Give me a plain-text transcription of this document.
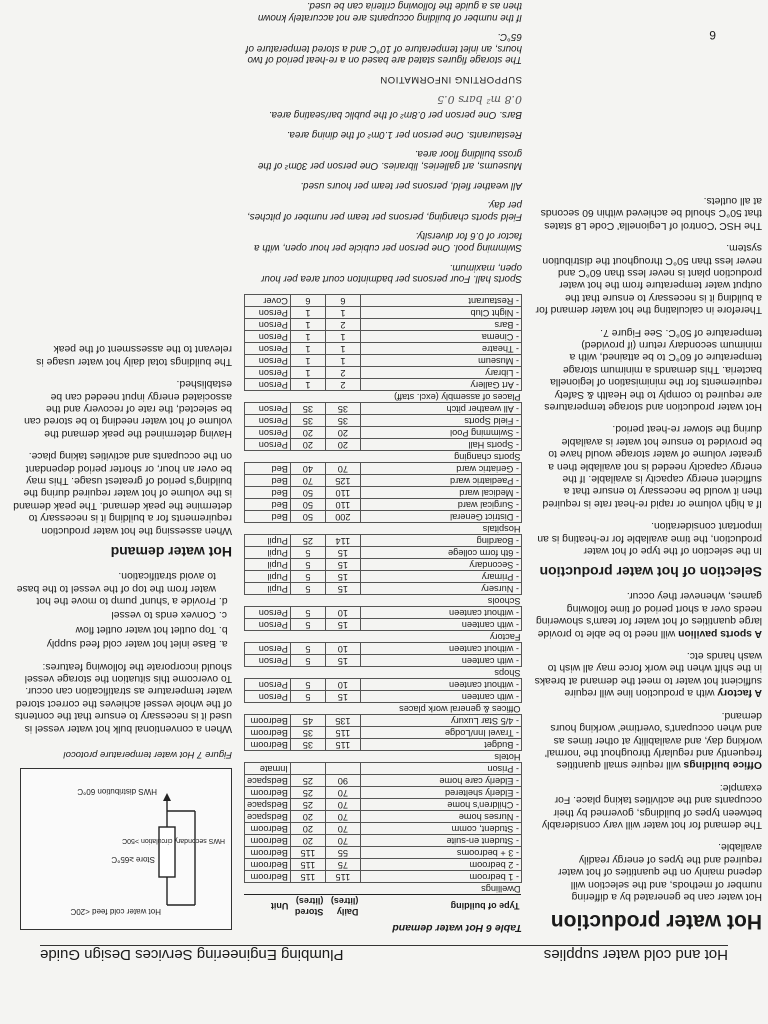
Hot and cold water supplies
Plumbing Engineering Services Design Guide
Hot water production

Hot water can be generated by a differing number of methods, and the selection will depend mainly on the quantities of hot water required and the types of energy readily available.

The demand for hot water will vary considerably between types of buildings, governed by their occupants and the activities taking place. For example:

Office buildings will require small quantities frequently and regularly throughout the 'normal' working day, and availability at other times as and when occupant's 'overtime' working hours demand.

A factory with a production line will require sufficient hot water to meet the demand at breaks in the shift when the work force may all wish to wash hands etc.

A sports pavilion will need to be able to provide large quantities of hot water for team's showering needs over a short period of time following games, whenever they occur.

Selection of hot water production

In the selection of the type of hot water production, the time available for re-heating is an important consideration.

If a high volume or rapid re-heat rate is required then it would be necessary to ensure that a sufficient energy capacity is available. If the energy capacity needed is not available then a greater volume of water storage would have to be provided to ensure hot water is available during the slower re-heat period.

Hot water production and storage temperatures are required to comply to the Health & Safety requirements for the minimisation of legionella bacteria. This demands a minimum storage temperature of 60°C to be attained, with a minimum secondary return (if provided) temperature of 50°C. See Figure 7.

Therefore in calculating the hot water demand for a building it is necessary to ensure that the output water temperature from the hot water production plant is never less than 60°C and never less than 50°C throughout the distribution system.

The HSC 'Control of Legionella' Code L8 states that 50°C should be achieved within 60 seconds at all outlets.

Table 6 Hot water demand
Type of building	Daily (litres)	Stored (litres)	Unit
Dwellings			
- 1 bedroom	115	115	Bedroom
- 2 bedroom	75	115	Bedroom
- 3 + bedrooms	55	115	Bedroom
- Student en-suite	70	20	Bedroom
- Student, comm	70	20	Bedroom
- Nurses home	70	20	Bedspace
- Children's home	70	25	Bedspace
- Elderly sheltered	70	25	Bedroom
- Elderly care home	90	25	Bedspace
- Prison			Inmate
Hotels			
- Budget	115	35	Bedroom
- Travel Inn/Lodge	115	35	Bedroom
- 4/5 Star Luxury	135	45	Bedroom
Offices & general work places			
- with canteen	15	5	Person
- without canteen	10	5	Person
Shops			
- with canteen	15	5	Person
- without canteen	10	5	Person
Factory			
- with canteen	15	5	Person
- without canteen	10	5	Person
Schools			
- Nursery	15	5	Pupil
- Primary	15	5	Pupil
- Secondary	15	5	Pupil
- 6th form college	15	5	Pupil
- Boarding	114	25	Pupil
Hospitals			
- District General	200	50	Bed
- Surgical ward	110	50	Bed
- Medical ward	110	50	Bed
- Paediatric ward	125	70	Bed
- Geriatric ward	70	40	Bed
Sports changing			
- Sports Hall	20	20	Person
- Swimming Pool	20	20	Person
- Field Sports	35	35	Person
- All weather pitch	35	35	Person
Places of assembly (excl. staff)			
- Art Gallery	2	1	Person
- Library	2	1	Person
- Museum	1	1	Person
- Theatre	1	1	Person
- Cinema	1	1	Person
- Bars	2	1	Person
- Night Club	1	1	Person
- Restaurant	6	6	Cover

Sports hall. Four persons per badminton court area per hour open, maximum.

Swimming pool. One person per cubicle per hour open, with a factor of 0.6 for diversity.

Field sports changing, persons per team per number of pitches, per day.

All weather field, persons per team per hours used.

Museums, art galleries, libraries. One person per 30m² of the gross building floor area.

Restaurants. One person per 1.0m² of the dining area.

Bars. One person per 0.8m² of the public bar/seating area.

0.8 m² bars 0.5

SUPPORTING INFORMATION

The storage figures stated are based on a re-heat period of two hours, an inlet temperature of 10°C and a stored temperature of 65°C.

If the number of building occupants are not accurately known then as a guide the following criteria can be used.

HWS distribution 60°C
Store ≥65°C
HWS secondary circulation >50C
Hot water cold feed <20C
Figure 7 Hot water temperature protocol

When a conventional bulk hot water vessel is used it is necessary to ensure that the contents of the whole vessel achieves the correct stored water temperature as stratification can occur. To overcome this situation the storage vessel should incorporate the following features:

a. Base inlet hot water cold feed supply
b. Top outlet hot water outlet flow
c. Convex ends to vessel
d. Provide a 'shunt' pump to move the hot water from the top of the vessel to the base to avoid stratification.
Hot water demand

When assessing the hot water production requirements for a building it is necessary to determine the peak demand. The peak demand is the volume of hot water required during the building's period of greatest usage. This may be over an hour, or shorter period dependant on the occupants and activities taking place.

Having determined the peak demand the volume of hot water needing to be stored can be selected, the rate of recovery and the associated energy input needed can be established.

The buildings total daily hot water usage is relevant to the assessment of the peak

6
